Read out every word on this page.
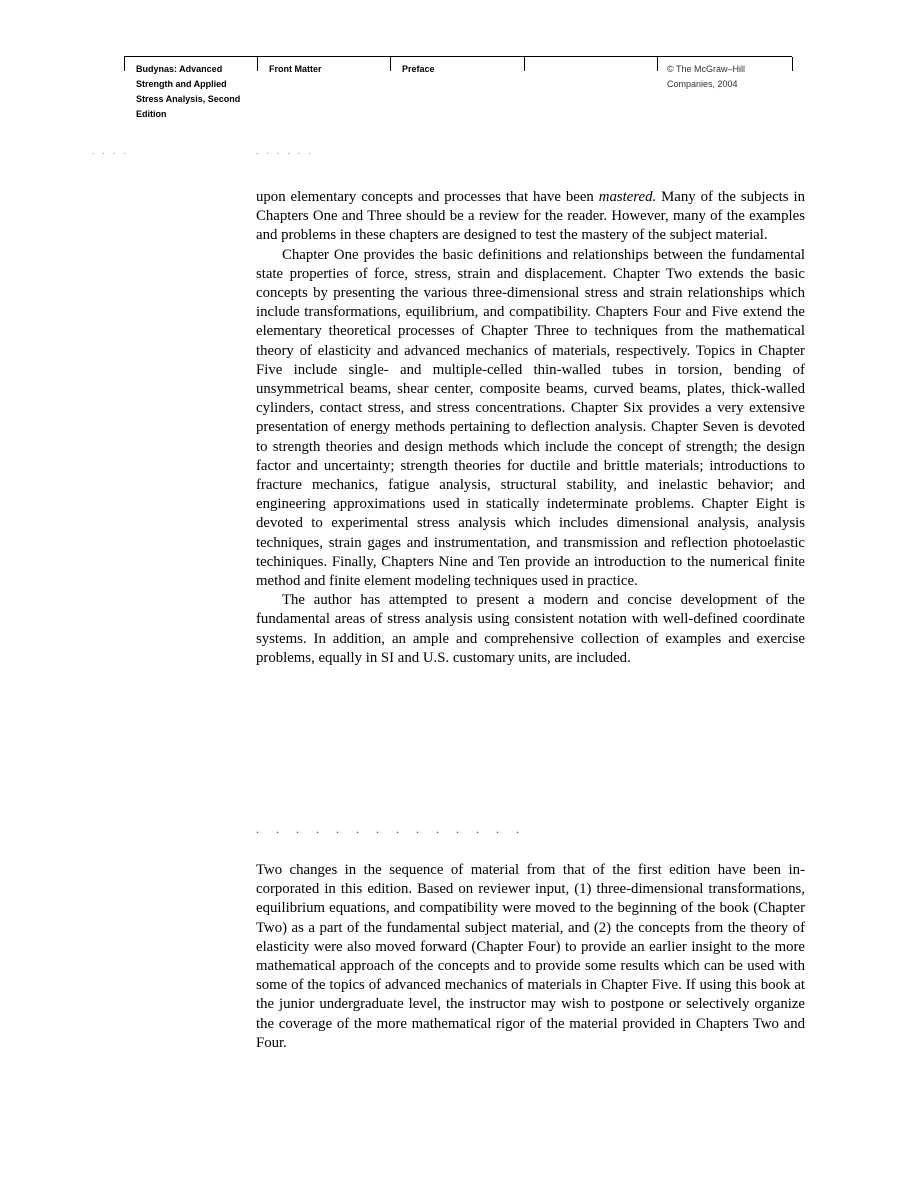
Budynas: Advanced
Strength and Applied
Stress Analysis, Second
Edition
Front Matter	Preface	© The McGraw–Hill
Companies, 2004
. . . .	. . . . . .

upon elementary concepts and processes that have been mastered. Many of the subjects in Chapters One and Three should be a review for the reader. However, many of the examples and problems in these chapters are designed to test the mastery of the subject material.

Chapter One provides the basic definitions and relationships between the fundamental state properties of force, stress, strain and displacement. Chapter Two extends the basic concepts by presenting the various three-dimensional stress and strain relationships which include transformations, equilibrium, and compatibility. Chapters Four and Five extend the elementary theoretical processes of Chapter Three to techniques from the mathematical theory of elasticity and advanced mechanics of materials, respectively. Topics in Chapter Five include single- and multiple-celled thin-walled tubes in torsion, bending of unsymmetrical beams, shear center, composite beams, curved beams, plates, thick-walled cylinders, contact stress, and stress concentrations. Chapter Six provides a very extensive presentation of energy methods pertaining to deflection analysis. Chapter Seven is devoted to strength theories and design methods which include the concept of strength; the design factor and uncertainty; strength theories for ductile and brittle materials; introductions to fracture mechanics, fatigue analysis, structural stability, and inelastic behavior; and engineering approximations used in statically indeterminate problems. Chapter Eight is devoted to experimental stress analysis which includes dimensional analysis, analysis techniques, strain gages and instrumentation, and transmission and reflection photoelastic techiniques. Finally, Chapters Nine and Ten provide an introduction to the numerical finite method and finite element modeling techniques used in practice.

The author has attempted to present a modern and concise development of the fundamental areas of stress analysis using consistent notation with well-defined coordinate systems. In addition, an ample and comprehensive collection of examples and exercise problems, equally in SI and U.S. customary units, are included.

. . . . . . . . . . . . . .

Two changes in the sequence of material from that of the first edition have been incorporated in this edition. Based on reviewer input, (1) three-dimensional transformations, equilibrium equations, and compatibility were moved to the beginning of the book (Chapter Two) as a part of the fundamental subject material, and (2) the concepts from the theory of elasticity were also moved forward (Chapter Four) to provide an earlier insight to the more mathematical approach of the concepts and to provide some results which can be used with some of the topics of advanced mechanics of materials in Chapter Five. If using this book at the junior undergraduate level, the instructor may wish to postpone or selectively organize the coverage of the more mathematical rigor of the material provided in Chapters Two and Four.
